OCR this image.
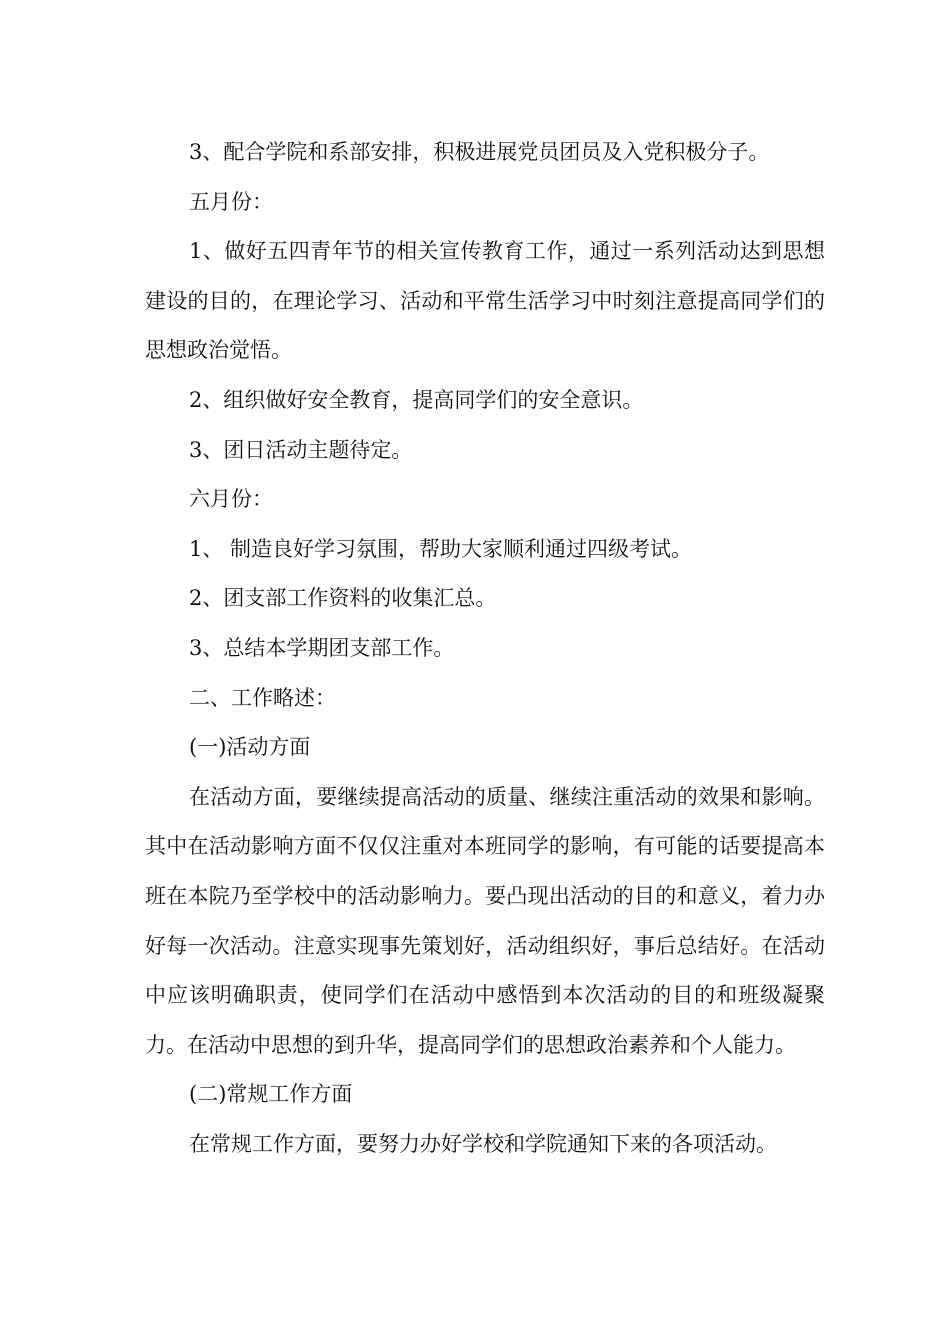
3、配合学院和系部安排，积极进展党员团员及入党积极分子。

五月份：

1、做好五四青年节的相关宣传教育工作，通过一系列活动达到思想建设的目的，在理论学习、活动和平常生活学习中时刻注意提高同学们的思想政治觉悟。

2、组织做好安全教育，提高同学们的安全意识。

3、团日活动主题待定。

六月份：

1、 制造良好学习氛围，帮助大家顺利通过四级考试。

2、团支部工作资料的收集汇总。

3、总结本学期团支部工作。

二、工作略述：

(一)活动方面

在活动方面，要继续提高活动的质量、继续注重活动的效果和影响。其中在活动影响方面不仅仅注重对本班同学的影响，有可能的话要提高本班在本院乃至学校中的活动影响力。要凸现出活动的目的和意义，着力办好每一次活动。注意实现事先策划好，活动组织好，事后总结好。在活动中应该明确职责，使同学们在活动中感悟到本次活动的目的和班级凝聚力。在活动中思想的到升华，提高同学们的思想政治素养和个人能力。

(二)常规工作方面

在常规工作方面，要努力办好学校和学院通知下来的各项活动。
